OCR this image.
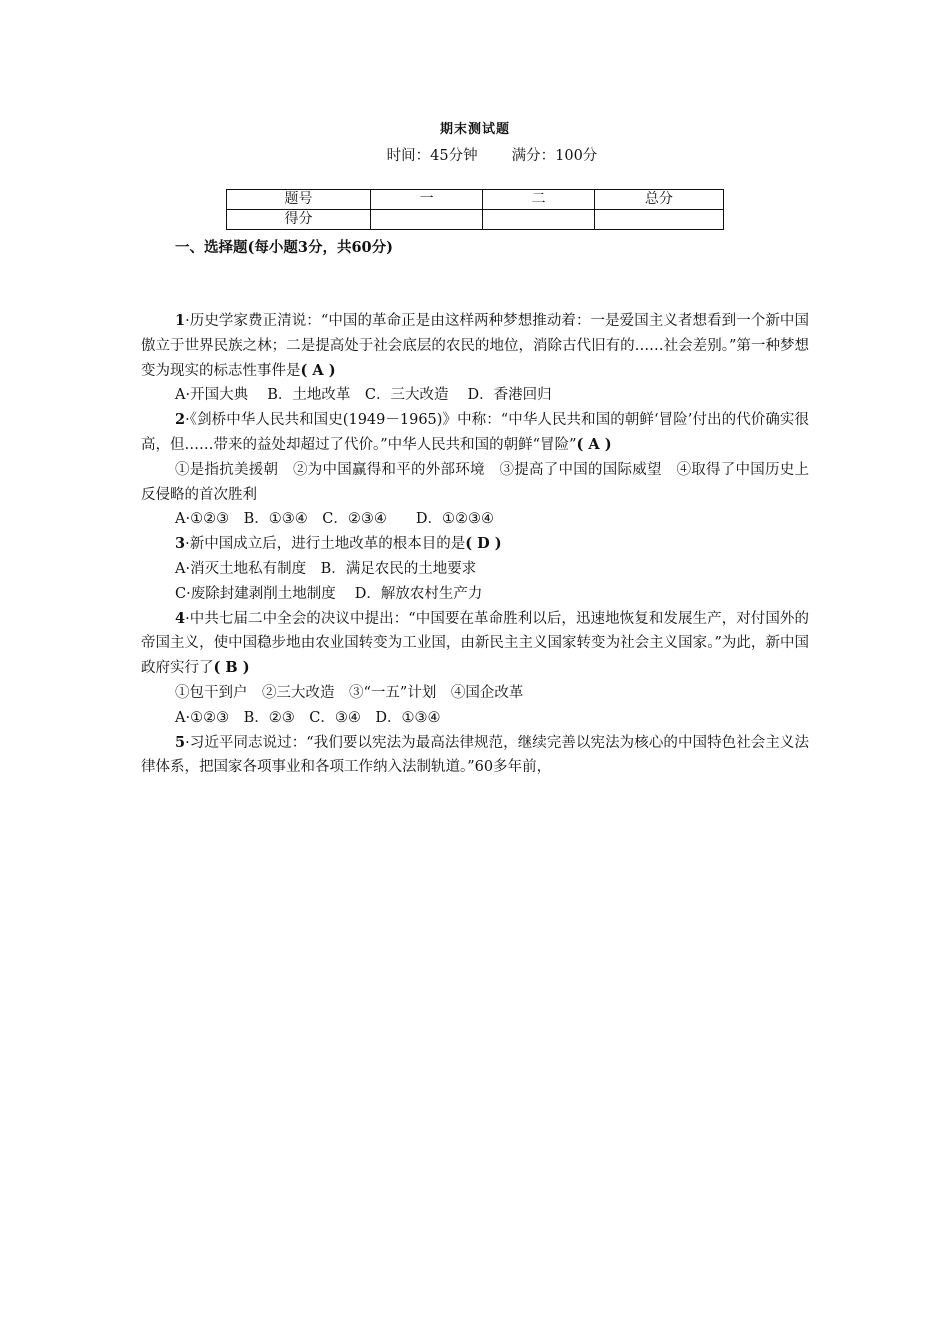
期末测试题
时间：45分钟 满分：100分
题号	一	二	总分
得分			
一、选择题(每小题3分，共60分)

1·历史学家费正清说：“中国的革命正是由这样两种梦想推动着：一是爱国主义者想看到一个新中国傲立于世界民族之林；二是提高处于社会底层的农民的地位，消除古代旧有的……社会差别。”第一种梦想变为现实的标志性事件是( A )

A·开国大典　 B．土地改革　C．三大改造　 D．香港回归

2·《剑桥中华人民共和国史(1949－1965)》中称：“中华人民共和国的朝鲜‘冒险’付出的代价确实很高，但……带来的益处却超过了代价。”中华人民共和国的朝鲜“冒险”( A )

①是指抗美援朝　②为中国赢得和平的外部环境　③提高了中国的国际威望　④取得了中国历史上反侵略的首次胜利

A·①②③　B．①③④　C．②③④　　D．①②③④

3·新中国成立后，进行土地改革的根本目的是( D )

A·消灭土地私有制度　B．满足农民的土地要求

C·废除封建剥削土地制度　 D．解放农村生产力

4·中共七届二中全会的决议中提出：“中国要在革命胜利以后，迅速地恢复和发展生产，对付国外的帝国主义，使中国稳步地由农业国转变为工业国，由新民主主义国家转变为社会主义国家。”为此，新中国政府实行了( B )

①包干到户　②三大改造　③“一五”计划　④国企改革

A·①②③　B．②③　C．③④　D．①③④

5·习近平同志说过：“我们要以宪法为最高法律规范，继续完善以宪法为核心的中国特色社会主义法律体系，把国家各项事业和各项工作纳入法制轨道。”60多年前，
